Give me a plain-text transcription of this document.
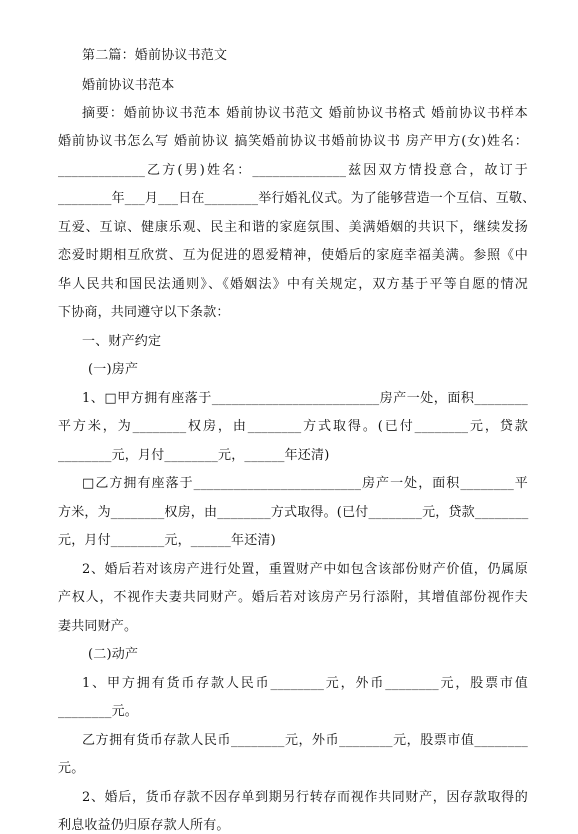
第二篇：婚前协议书范文
婚前协议书范本
摘要：婚前协议书范本 婚前协议书范文 婚前协议书格式 婚前协议书样本
婚前协议书怎么写 婚前协议 搞笑婚前协议书婚前协议书 房产甲方(女)姓名：
_____________乙方(男)姓名：______________兹因双方情投意合，故订于
________年___月___日在________举行婚礼仪式。为了能够营造一个互信、互敬、
互爱、互谅、健康乐观、民主和谐的家庭氛围、美满婚姻的共识下，继续发扬
恋爱时期相互欣赏、互为促进的恩爱精神，使婚后的家庭幸福美满。参照《中
华人民共和国民法通则》、《婚姻法》中有关规定，双方基于平等自愿的情况
下协商，共同遵守以下条款：
一、财产约定
(一)房产
1、□甲方拥有座落于_________________________房产一处，面积________
平方米，为________权房，由________方式取得。(已付________元，贷款
________元，月付________元，______年还清)
□乙方拥有座落于_________________________房产一处，面积________平
方米，为________权房，由________方式取得。(已付________元，贷款________
元，月付________元，______年还清)
2、婚后若对该房产进行处置，重置财产中如包含该部份财产价值，仍属原
产权人，不视作夫妻共同财产。婚后若对该房产另行添附，其增值部份视作夫
妻共同财产。
(二)动产
1、甲方拥有货币存款人民币________元，外币________元，股票市值
________元。
乙方拥有货币存款人民币________元，外币________元，股票市值________
元。
2、婚后，货币存款不因存单到期另行转存而视作共同财产，因存款取得的
利息收益仍归原存款人所有。
